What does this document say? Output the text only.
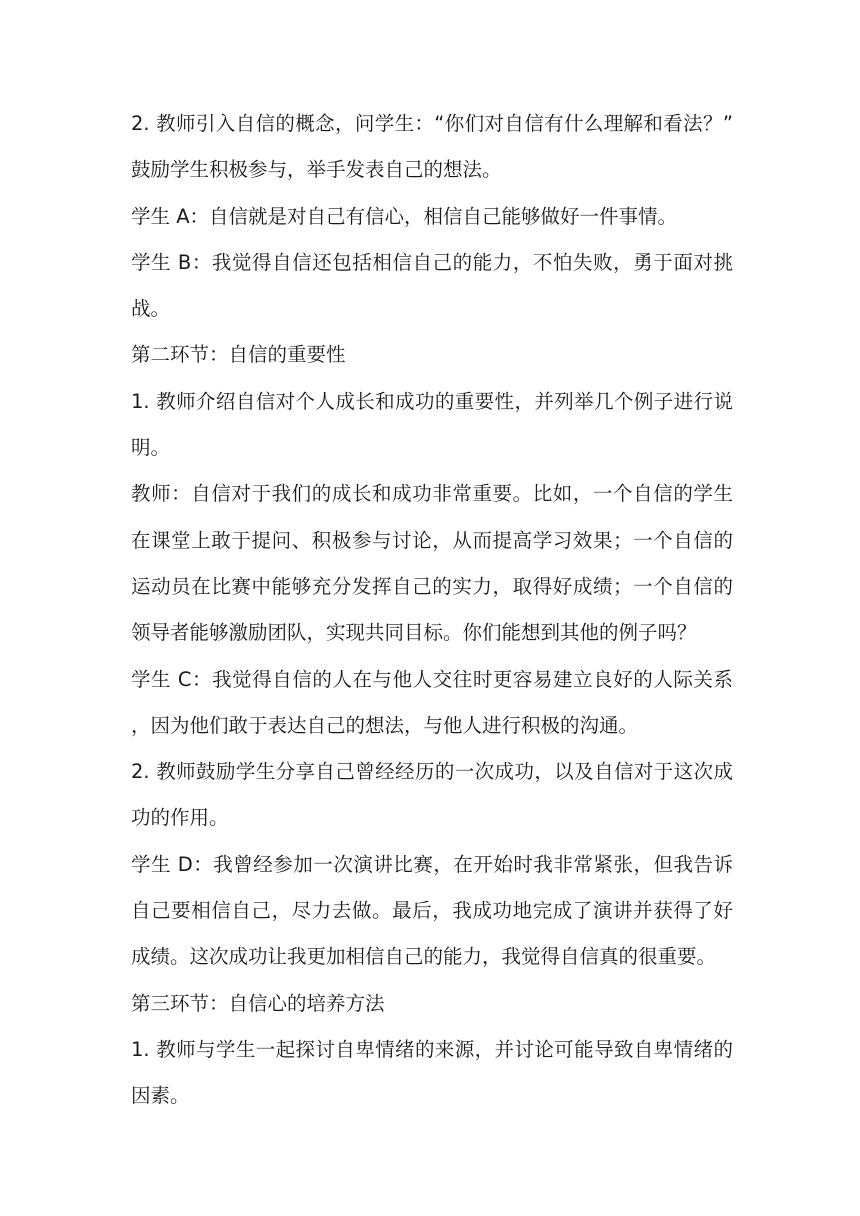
2. 教师引入自信的概念，问学生：“你们对自信有什么理解和看法？”鼓励学生积极参与，举手发表自己的想法。

学生 A：自信就是对自己有信心，相信自己能够做好一件事情。

学生 B：我觉得自信还包括相信自己的能力，不怕失败，勇于面对挑战。

第二环节：自信的重要性

1. 教师介绍自信对个人成长和成功的重要性，并列举几个例子进行说明。

教师：自信对于我们的成长和成功非常重要。比如，一个自信的学生在课堂上敢于提问、积极参与讨论，从而提高学习效果；一个自信的运动员在比赛中能够充分发挥自己的实力，取得好成绩；一个自信的领导者能够激励团队，实现共同目标。你们能想到其他的例子吗？

学生 C：我觉得自信的人在与他人交往时更容易建立良好的人际关系，因为他们敢于表达自己的想法，与他人进行积极的沟通。

2. 教师鼓励学生分享自己曾经经历的一次成功，以及自信对于这次成功的作用。

学生 D：我曾经参加一次演讲比赛，在开始时我非常紧张，但我告诉自己要相信自己，尽力去做。最后，我成功地完成了演讲并获得了好成绩。这次成功让我更加相信自己的能力，我觉得自信真的很重要。

第三环节：自信心的培养方法

1. 教师与学生一起探讨自卑情绪的来源，并讨论可能导致自卑情绪的因素。
